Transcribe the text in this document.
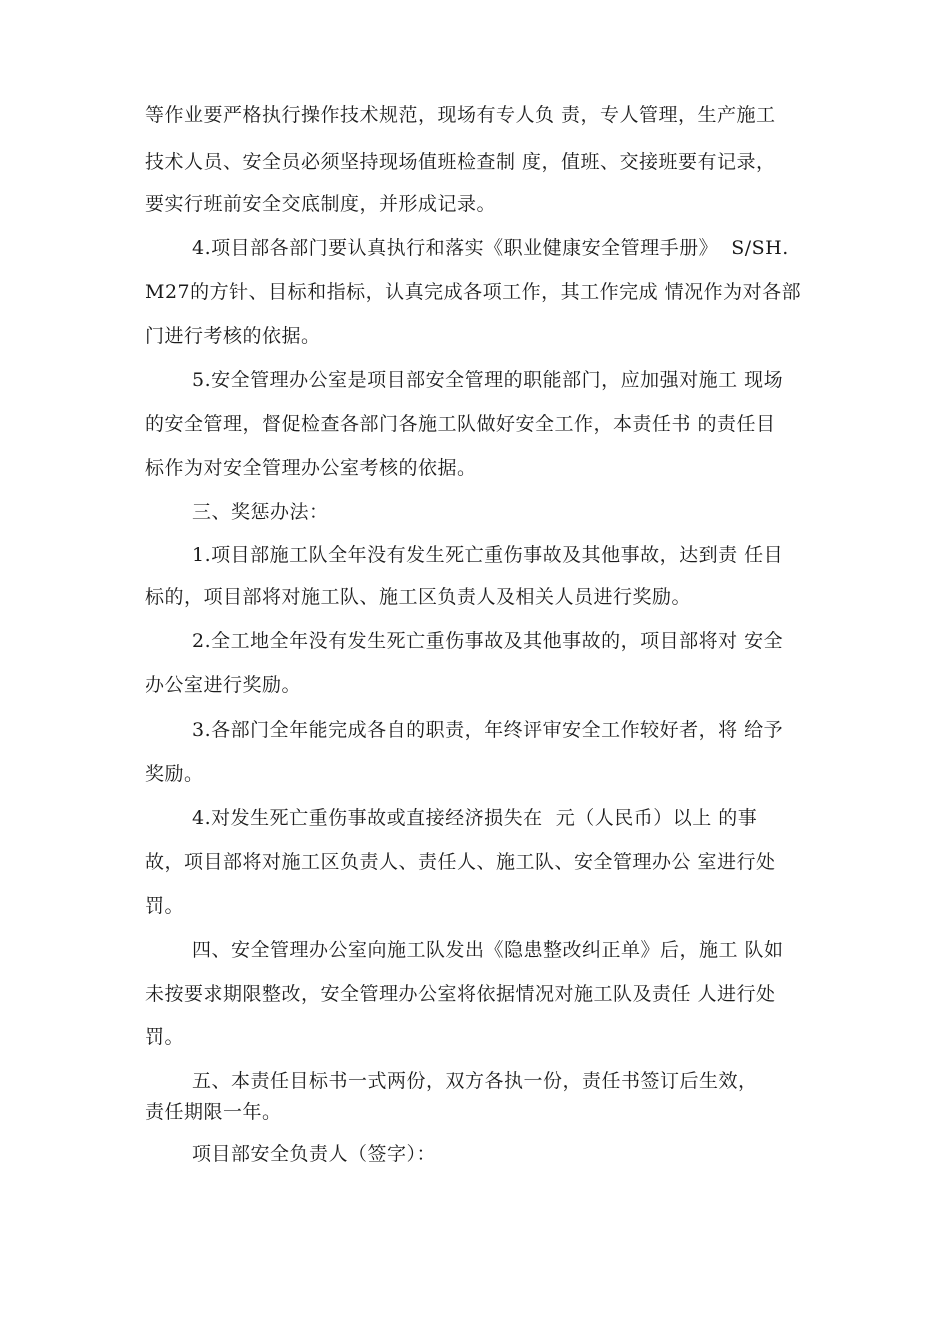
等作业要严格执行操作技术规范，现场有专人负 责，专人管理，生产施工
技术人员、安全员必须坚持现场值班检查制 度，值班、交接班要有记录，
要实行班前安全交底制度，并形成记录。
4.项目部各部门要认真执行和落实《职业健康安全管理手册》  S/SH.
M27的方针、目标和指标，认真完成各项工作，其工作完成 情况作为对各部
门进行考核的依据。
5.安全管理办公室是项目部安全管理的职能部门，应加强对施工 现场
的安全管理，督促检查各部门各施工队做好安全工作，本责任书 的责任目
标作为对安全管理办公室考核的依据。
三、奖惩办法：
1.项目部施工队全年没有发生死亡重伤事故及其他事故，达到责 任目
标的，项目部将对施工队、施工区负责人及相关人员进行奖励。
2.全工地全年没有发生死亡重伤事故及其他事故的，项目部将对 安全
办公室进行奖励。
3.各部门全年能完成各自的职责，年终评审安全工作较好者，将 给予
奖励。
4.对发生死亡重伤事故或直接经济损失在  元（人民币）以上 的事
故，项目部将对施工区负责人、责任人、施工队、安全管理办公 室进行处
罚。
四、安全管理办公室向施工队发出《隐患整改纠正单》后，施工 队如
未按要求期限整改，安全管理办公室将依据情况对施工队及责任 人进行处
罚。
五、本责任目标书一式两份，双方各执一份，责任书签订后生效，
责任期限一年。
项目部安全负责人（签字）：
